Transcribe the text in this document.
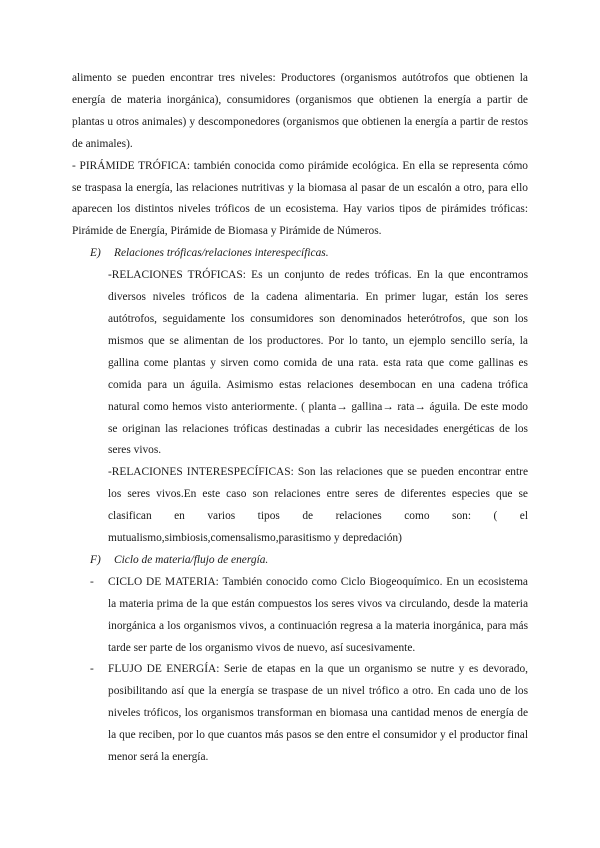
alimento se pueden encontrar tres niveles: Productores (organismos autótrofos que obtienen la energía de materia inorgánica), consumidores (organismos que obtienen la energía a partir de plantas u otros animales) y descomponedores (organismos que obtienen la energía a partir de restos de animales).

- PIRÁMIDE TRÓFICA: también conocida como pirámide ecológica. En ella se representa cómo se traspasa la energía, las relaciones nutritivas y la biomasa al pasar de un escalón a otro, para ello aparecen los distintos niveles tróficos de un ecosistema. Hay varios tipos de pirámides tróficas: Pirámide de Energía, Pirámide de Biomasa y Pirámide de Números.

E) Relaciones tróficas/relaciones interespecíficas.

-RELACIONES TRÓFICAS: Es un conjunto de redes tróficas. En la que encontramos diversos niveles tróficos de la cadena alimentaria. En primer lugar, están los seres autótrofos, seguidamente los consumidores son denominados heterótrofos, que son los mismos que se alimentan de los productores. Por lo tanto, un ejemplo sencillo sería, la gallina come plantas y sirven como comida de una rata. esta rata que come gallinas es comida para un águila. Asimismo estas relaciones desembocan en una cadena trófica natural como hemos visto anteriormente. ( planta→ gallina→ rata→ águila. De este modo se originan las relaciones tróficas destinadas a cubrir las necesidades energéticas de los seres vivos.

-RELACIONES INTERESPECÍFICAS: Son las relaciones que se pueden encontrar entre los seres vivos.En este caso son relaciones entre seres de diferentes especies que se clasifican en varios tipos de relaciones como son: ( el mutualismo,simbiosis,comensalismo,parasitismo y depredación)

F) Ciclo de materia/flujo de energía.

- CICLO DE MATERIA: También conocido como Ciclo Biogeoquímico. En un ecosistema la materia prima de la que están compuestos los seres vivos va circulando, desde la materia inorgánica a los organismos vivos, a continuación regresa a la materia inorgánica, para más tarde ser parte de los organismo vivos de nuevo, así sucesivamente.

- FLUJO DE ENERGÍA: Serie de etapas en la que un organismo se nutre y es devorado, posibilitando así que la energía se traspase de un nivel trófico a otro. En cada uno de los niveles tróficos, los organismos transforman en biomasa una cantidad menos de energía de la que reciben, por lo que cuantos más pasos se den entre el consumidor y el productor final menor será la energía.
